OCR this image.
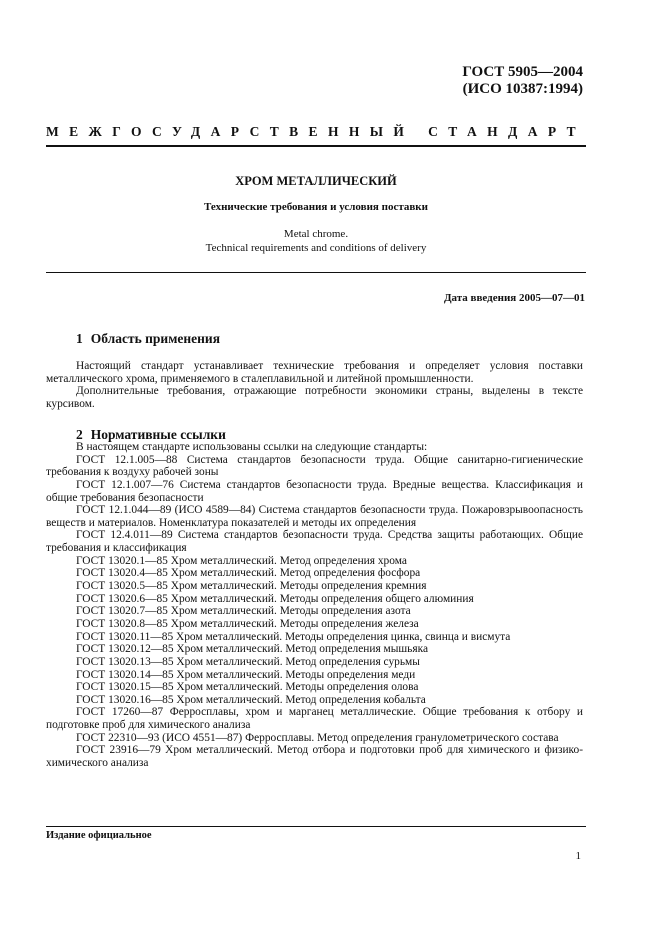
ГОСТ 5905—2004
(ИСО 10387:1994)
МЕЖГОСУДАРСТВЕННЫЙ СТАНДАРТ
ХРОМ МЕТАЛЛИЧЕСКИЙ
Технические требования и условия поставки
Metal chrome.
Technical requirements and conditions of delivery
Дата введения 2005—07—01
1 Область применения

Настоящий стандарт устанавливает технические требования и определяет условия поставки металлического хрома, применяемого в сталеплавильной и литейной промышленности.

Дополнительные требования, отражающие потребности экономики страны, выделены в тексте курсивом.

2 Нормативные ссылки

В настоящем стандарте использованы ссылки на следующие стандарты:

ГОСТ 12.1.005—88 Система стандартов безопасности труда. Общие санитарно-гигиенические требования к воздуху рабочей зоны

ГОСТ 12.1.007—76 Система стандартов безопасности труда. Вредные вещества. Классификация и общие требования безопасности

ГОСТ 12.1.044—89 (ИСО 4589—84) Система стандартов безопасности труда. Пожаровзрывоопасность веществ и материалов. Номенклатура показателей и методы их определения

ГОСТ 12.4.011—89 Система стандартов безопасности труда. Средства защиты работающих. Общие требования и классификация

ГОСТ 13020.1—85 Хром металлический. Метод определения хрома

ГОСТ 13020.4—85 Хром металлический. Метод определения фосфора

ГОСТ 13020.5—85 Хром металлический. Методы определения кремния

ГОСТ 13020.6—85 Хром металлический. Методы определения общего алюминия

ГОСТ 13020.7—85 Хром металлический. Методы определения азота

ГОСТ 13020.8—85 Хром металлический. Методы определения железа

ГОСТ 13020.11—85 Хром металлический. Методы определения цинка, свинца и висмута

ГОСТ 13020.12—85 Хром металлический. Метод определения мышьяка

ГОСТ 13020.13—85 Хром металлический. Метод определения сурьмы

ГОСТ 13020.14—85 Хром металлический. Методы определения меди

ГОСТ 13020.15—85 Хром металлический. Методы определения олова

ГОСТ 13020.16—85 Хром металлический. Метод определения кобальта

ГОСТ 17260—87 Ферросплавы, хром и марганец металлические. Общие требования к отбору и подготовке проб для химического анализа

ГОСТ 22310—93 (ИСО 4551—87) Ферросплавы. Метод определения гранулометрического состава

ГОСТ 23916—79 Хром металлический. Метод отбора и подготовки проб для химического и физико-химического анализа

Издание официальное
1
